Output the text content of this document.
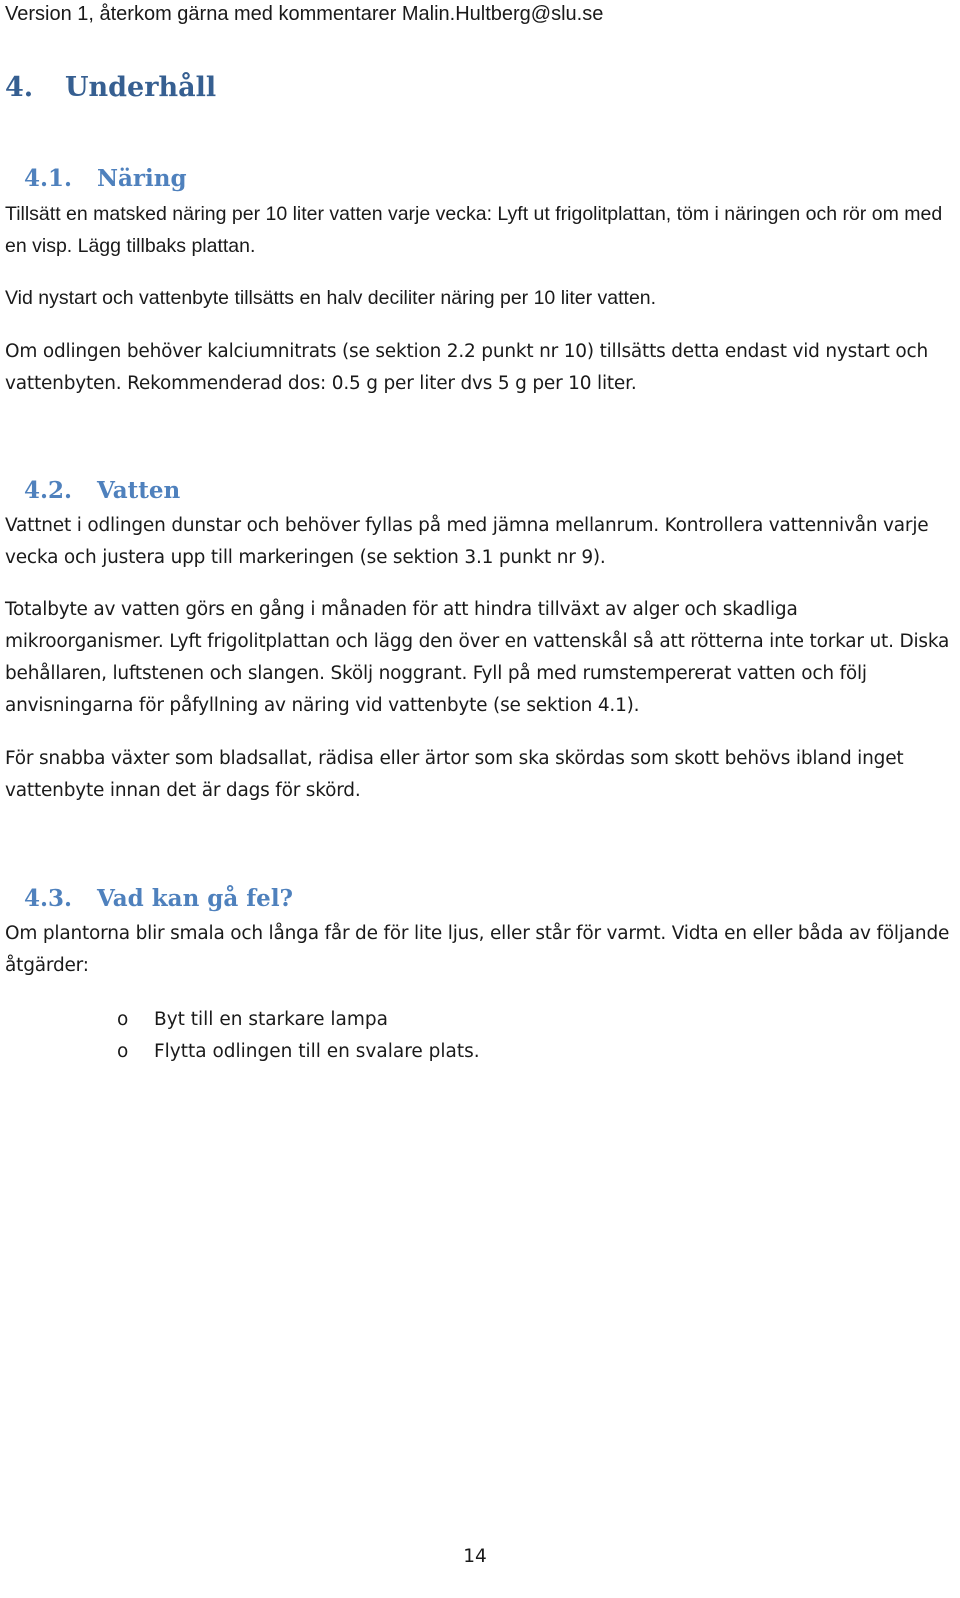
Version 1, återkom gärna med kommentarer Malin.Hultberg@slu.se

4. Underhåll
4.1. Näring

Tillsätt en matsked näring per 10 liter vatten varje vecka: Lyft ut frigolitplattan, töm i näringen och rör om med en visp. Lägg tillbaks plattan.

Vid nystart och vattenbyte tillsätts en halv deciliter näring per 10 liter vatten.

Om odlingen behöver kalciumnitrats (se sektion 2.2 punkt nr 10) tillsätts detta endast vid nystart och vattenbyten. Rekommenderad dos: 0.5 g per liter dvs 5 g per 10 liter.

4.2. Vatten

Vattnet i odlingen dunstar och behöver fyllas på med jämna mellanrum. Kontrollera vattennivån varje vecka och justera upp till markeringen (se sektion 3.1 punkt nr 9).

Totalbyte av vatten görs en gång i månaden för att hindra tillväxt av alger och skadliga mikroorganismer. Lyft frigolitplattan och lägg den över en vattenskål så att rötterna inte torkar ut. Diska behållaren, luftstenen och slangen. Skölj noggrant. Fyll på med rumstempererat vatten och följ anvisningarna för påfyllning av näring vid vattenbyte (se sektion 4.1).

För snabba växter som bladsallat, rädisa eller ärtor som ska skördas som skott behövs ibland inget vattenbyte innan det är dags för skörd.

4.3. Vad kan gå fel?

Om plantorna blir smala och långa får de för lite ljus, eller står för varmt. Vidta en eller båda av följande åtgärder:

o Byt till en starkare lampa
o Flytta odlingen till en svalare plats.

14
